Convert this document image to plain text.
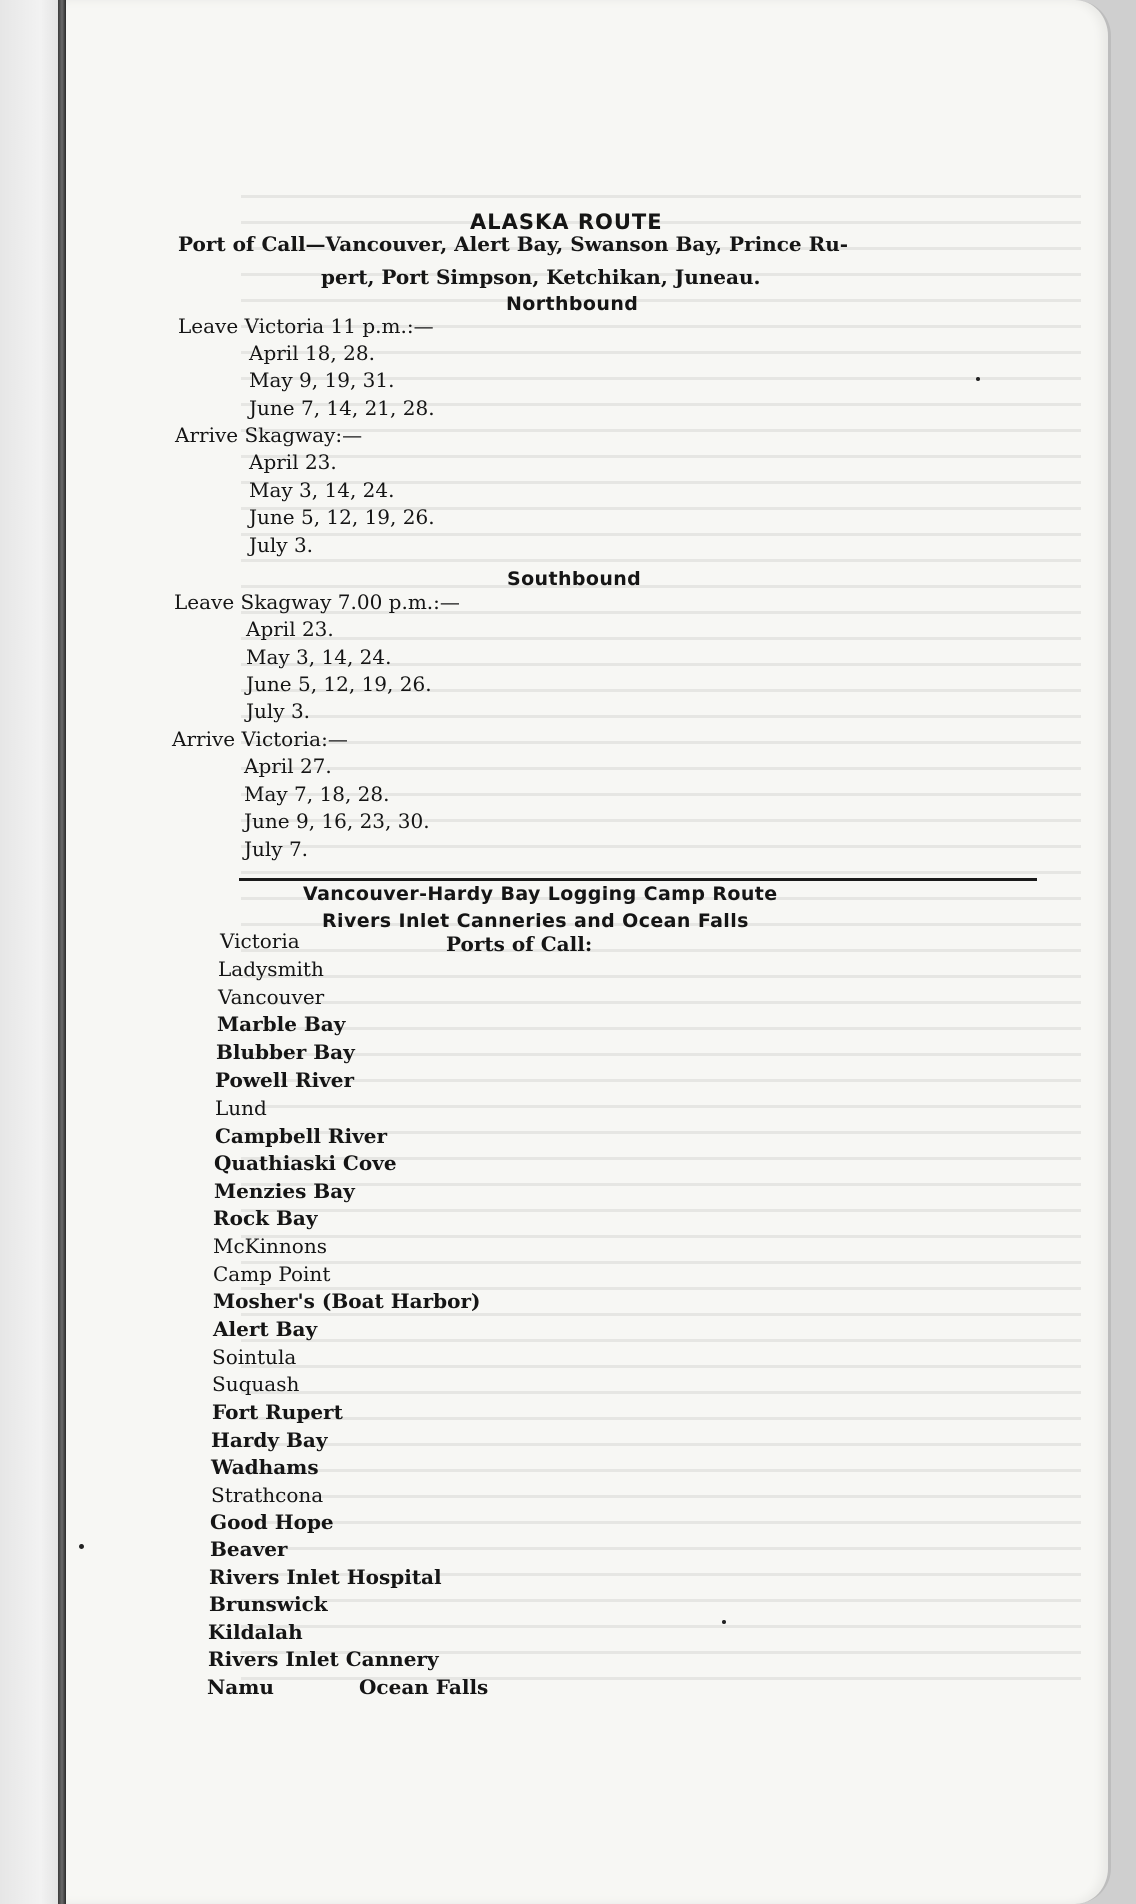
ALASKA ROUTE
Port of Call—Vancouver, Alert Bay, Swanson Bay, Prince Ru-
pert, Port Simpson, Ketchikan, Juneau.
Northbound
Leave Victoria 11 p.m.:—
April 18, 28.
May 9, 19, 31.
June 7, 14, 21, 28.
Arrive Skagway:—
April 23.
May 3, 14, 24.
June 5, 12, 19, 26.
July 3.
Southbound
Leave Skagway 7.00 p.m.:—
April 23.
May 3, 14, 24.
June 5, 12, 19, 26.
July 3.
Arrive Victoria:—
April 27.
May 7, 18, 28.
June 9, 16, 23, 30.
July 7.
Vancouver-Hardy Bay Logging Camp Route
Rivers Inlet Canneries and Ocean Falls
Ports of Call:
Victoria
Ladysmith
Vancouver
Marble Bay
Blubber Bay
Powell River
Lund
Campbell River
Quathiaski Cove
Menzies Bay
Rock Bay
McKinnons
Camp Point
Mosher's (Boat Harbor)
Alert Bay
Sointula
Suquash
Fort Rupert
Hardy Bay
Wadhams
Strathcona
Good Hope
Beaver
Rivers Inlet Hospital
Brunswick
Kildalah
Rivers Inlet Cannery
Namu	Ocean Falls
